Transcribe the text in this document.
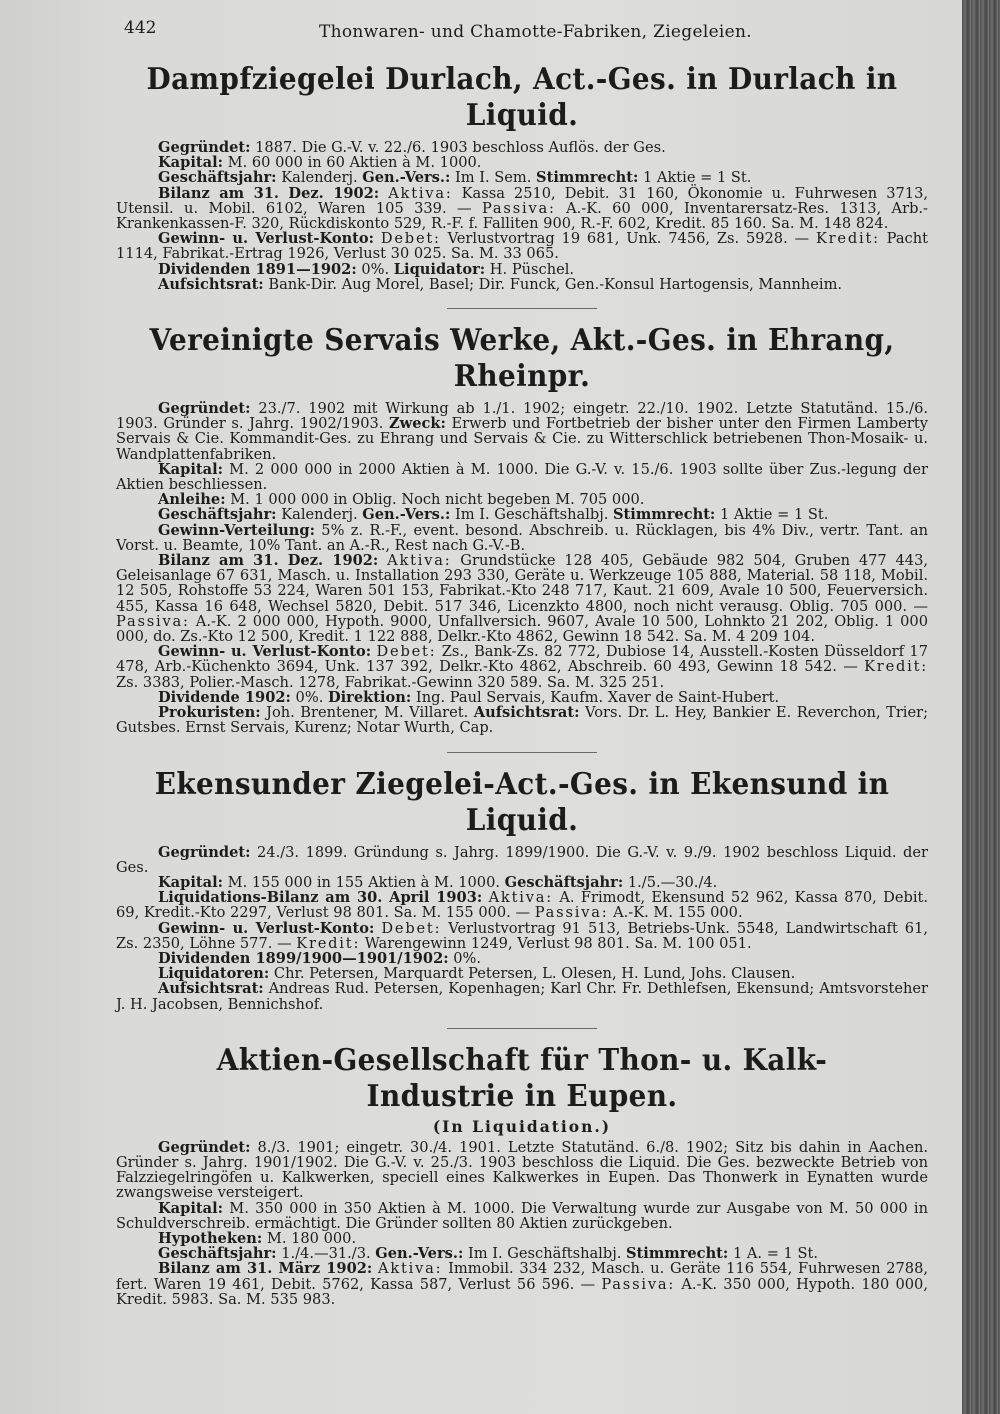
442	Thonwaren- und Chamotte-Fabriken, Ziegeleien.
Dampfziegelei Durlach, Act.-Ges. in Durlach in Liquid.

Gegründet: 1887. Die G.-V. v. 22./6. 1903 beschloss Auflös. der Ges.

Kapital: M. 60 000 in 60 Aktien à M. 1000.

Geschäftsjahr: Kalenderj. Gen.-Vers.: Im I. Sem. Stimmrecht: 1 Aktie = 1 St.

Bilanz am 31. Dez. 1902: Aktiva: Kassa 2510, Debit. 31 160, Ökonomie u. Fuhrwesen 3713, Utensil. u. Mobil. 6102, Waren 105 339. — Passiva: A.-K. 60 000, Inventarersatz-Res. 1313, Arb.-Krankenkassen-F. 320, Rückdiskonto 529, R.-F. f. Falliten 900, R.-F. 602, Kredit. 85 160. Sa. M. 148 824.

Gewinn- u. Verlust-Konto: Debet: Verlustvortrag 19 681, Unk. 7456, Zs. 5928. — Kredit: Pacht 1114, Fabrikat.-Ertrag 1926, Verlust 30 025. Sa. M. 33 065.

Dividenden 1891—1902: 0%. Liquidator: H. Püschel.

Aufsichtsrat: Bank-Dir. Aug Morel, Basel; Dir. Funck, Gen.-Konsul Hartogensis, Mannheim.

Vereinigte Servais Werke, Akt.-Ges. in Ehrang, Rheinpr.

Gegründet: 23./7. 1902 mit Wirkung ab 1./1. 1902; eingetr. 22./10. 1902. Letzte Statutänd. 15./6. 1903. Gründer s. Jahrg. 1902/1903. Zweck: Erwerb und Fortbetrieb der bisher unter den Firmen Lamberty Servais & Cie. Kommandit-Ges. zu Ehrang und Servais & Cie. zu Witterschlick betriebenen Thon-Mosaik- u. Wandplattenfabriken.

Kapital: M. 2 000 000 in 2000 Aktien à M. 1000. Die G.-V. v. 15./6. 1903 sollte über Zus.-legung der Aktien beschliessen.

Anleihe: M. 1 000 000 in Oblig. Noch nicht begeben M. 705 000.

Geschäftsjahr: Kalenderj. Gen.-Vers.: Im I. Geschäftshalbj. Stimmrecht: 1 Aktie = 1 St.

Gewinn-Verteilung: 5% z. R.-F., event. besond. Abschreib. u. Rücklagen, bis 4% Div., vertr. Tant. an Vorst. u. Beamte, 10% Tant. an A.-R., Rest nach G.-V.-B.

Bilanz am 31. Dez. 1902: Aktiva: Grundstücke 128 405, Gebäude 982 504, Gruben 477 443, Geleisanlage 67 631, Masch. u. Installation 293 330, Geräte u. Werkzeuge 105 888, Material. 58 118, Mobil. 12 505, Rohstoffe 53 224, Waren 501 153, Fabrikat.-Kto 248 717, Kaut. 21 609, Avale 10 500, Feuerversich. 455, Kassa 16 648, Wechsel 5820, Debit. 517 346, Licenzkto 4800, noch nicht verausg. Oblig. 705 000. — Passiva: A.-K. 2 000 000, Hypoth. 9000, Unfallversich. 9607, Avale 10 500, Lohnkto 21 202, Oblig. 1 000 000, do. Zs.-Kto 12 500, Kredit. 1 122 888, Delkr.-Kto 4862, Gewinn 18 542. Sa. M. 4 209 104.

Gewinn- u. Verlust-Konto: Debet: Zs., Bank-Zs. 82 772, Dubiose 14, Ausstell.-Kosten Düsseldorf 17 478, Arb.-Küchenkto 3694, Unk. 137 392, Delkr.-Kto 4862, Abschreib. 60 493, Gewinn 18 542. — Kredit: Zs. 3383, Polier.-Masch. 1278, Fabrikat.-Gewinn 320 589. Sa. M. 325 251.

Dividende 1902: 0%. Direktion: Ing. Paul Servais, Kaufm. Xaver de Saint-Hubert.

Prokuristen: Joh. Brentener, M. Villaret. Aufsichtsrat: Vors. Dr. L. Hey, Bankier E. Reverchon, Trier; Gutsbes. Ernst Servais, Kurenz; Notar Wurth, Cap.

Ekensunder Ziegelei-Act.-Ges. in Ekensund in Liquid.

Gegründet: 24./3. 1899. Gründung s. Jahrg. 1899/1900. Die G.-V. v. 9./9. 1902 beschloss Liquid. der Ges.

Kapital: M. 155 000 in 155 Aktien à M. 1000. Geschäftsjahr: 1./5.—30./4.

Liquidations-Bilanz am 30. April 1903: Aktiva: A. Frimodt, Ekensund 52 962, Kassa 870, Debit. 69, Kredit.-Kto 2297, Verlust 98 801. Sa. M. 155 000. — Passiva: A.-K. M. 155 000.

Gewinn- u. Verlust-Konto: Debet: Verlustvortrag 91 513, Betriebs-Unk. 5548, Landwirtschaft 61, Zs. 2350, Löhne 577. — Kredit: Warengewinn 1249, Verlust 98 801. Sa. M. 100 051.

Dividenden 1899/1900—1901/1902: 0%.

Liquidatoren: Chr. Petersen, Marquardt Petersen, L. Olesen, H. Lund, Johs. Clausen.

Aufsichtsrat: Andreas Rud. Petersen, Kopenhagen; Karl Chr. Fr. Dethlefsen, Ekensund; Amtsvorsteher J. H. Jacobsen, Bennichshof.

Aktien-Gesellschaft für Thon- u. Kalk-Industrie in Eupen.
(In Liquidation.)

Gegründet: 8./3. 1901; eingetr. 30./4. 1901. Letzte Statutänd. 6./8. 1902; Sitz bis dahin in Aachen. Gründer s. Jahrg. 1901/1902. Die G.-V. v. 25./3. 1903 beschloss die Liquid. Die Ges. bezweckte Betrieb von Falzziegelringöfen u. Kalkwerken, speciell eines Kalkwerkes in Eupen. Das Thonwerk in Eynatten wurde zwangsweise versteigert.

Kapital: M. 350 000 in 350 Aktien à M. 1000. Die Verwaltung wurde zur Ausgabe von M. 50 000 in Schuldverschreib. ermächtigt. Die Gründer sollten 80 Aktien zurückgeben.

Hypotheken: M. 180 000.

Geschäftsjahr: 1./4.—31./3. Gen.-Vers.: Im I. Geschäftshalbj. Stimmrecht: 1 A. = 1 St.

Bilanz am 31. März 1902: Aktiva: Immobil. 334 232, Masch. u. Geräte 116 554, Fuhrwesen 2788, fert. Waren 19 461, Debit. 5762, Kassa 587, Verlust 56 596. — Passiva: A.-K. 350 000, Hypoth. 180 000, Kredit. 5983. Sa. M. 535 983.
